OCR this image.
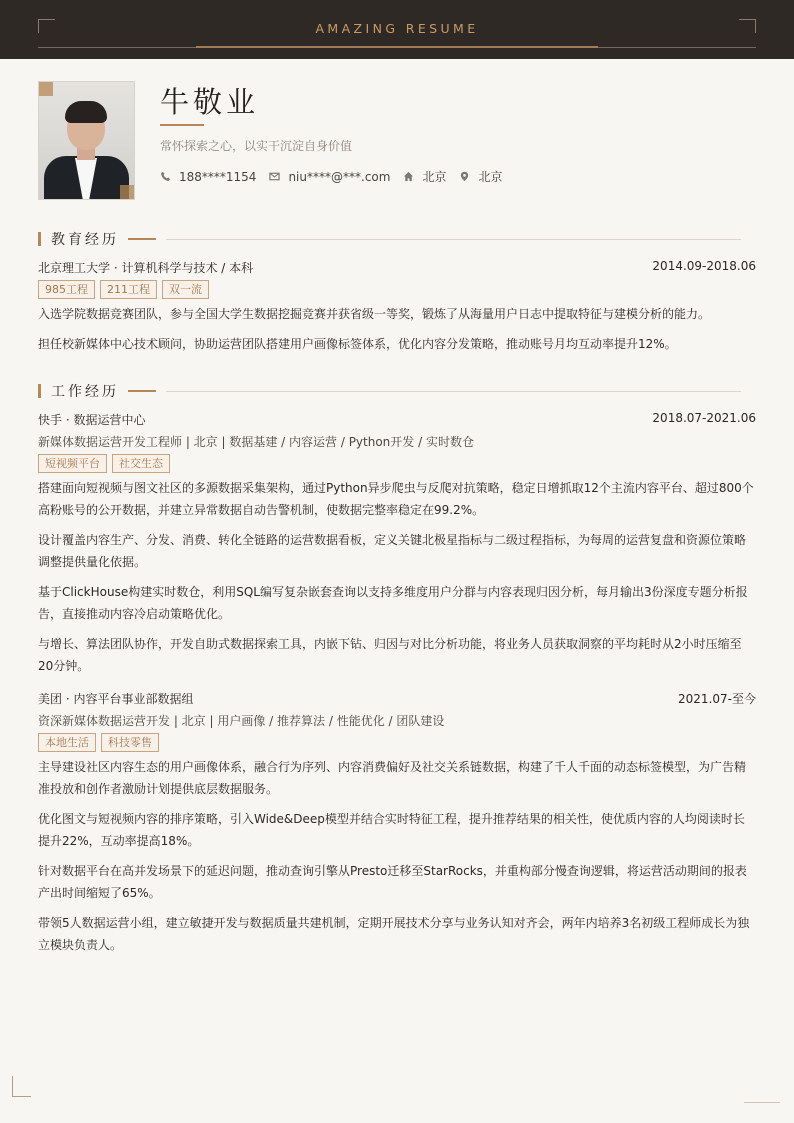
AMAZING RESUME
牛敬业
常怀探索之心，以实干沉淀自身价值
188****1154	niu****@***.com	北京	北京
教育经历
北京理工大学 · 计算机科学与技术 / 本科	2014.09-2018.06
985工程	211工程	双一流
入选学院数据竞赛团队，参与全国大学生数据挖掘竞赛并获省级一等奖，锻炼了从海量用户日志中提取特征与建模分析的能力。
担任校新媒体中心技术顾问，协助运营团队搭建用户画像标签体系，优化内容分发策略，推动账号月均互动率提升12%。
工作经历
快手 · 数据运营中心	2018.07-2021.06
新媒体数据运营开发工程师 | 北京 | 数据基建 / 内容运营 / Python开发 / 实时数仓
短视频平台	社交生态
搭建面向短视频与图文社区的多源数据采集架构，通过Python异步爬虫与反爬对抗策略，稳定日增抓取12个主流内容平台、超过800个高粉账号的公开数据，并建立异常数据自动告警机制，使数据完整率稳定在99.2%。
设计覆盖内容生产、分发、消费、转化全链路的运营数据看板，定义关键北极星指标与二级过程指标，为每周的运营复盘和资源位策略调整提供量化依据。
基于ClickHouse构建实时数仓，利用SQL编写复杂嵌套查询以支持多维度用户分群与内容表现归因分析，每月输出3份深度专题分析报告，直接推动内容冷启动策略优化。
与增长、算法团队协作，开发自助式数据探索工具，内嵌下钻、归因与对比分析功能，将业务人员获取洞察的平均耗时从2小时压缩至20分钟。
美团 · 内容平台事业部数据组	2021.07-至今
资深新媒体数据运营开发 | 北京 | 用户画像 / 推荐算法 / 性能优化 / 团队建设
本地生活	科技零售
主导建设社区内容生态的用户画像体系，融合行为序列、内容消费偏好及社交关系链数据，构建了千人千面的动态标签模型，为广告精准投放和创作者激励计划提供底层数据服务。
优化图文与短视频内容的排序策略，引入Wide&Deep模型并结合实时特征工程，提升推荐结果的相关性，使优质内容的人均阅读时长提升22%，互动率提高18%。
针对数据平台在高并发场景下的延迟问题，推动查询引擎从Presto迁移至StarRocks，并重构部分慢查询逻辑，将运营活动期间的报表产出时间缩短了65%。
带领5人数据运营小组，建立敏捷开发与数据质量共建机制，定期开展技术分享与业务认知对齐会，两年内培养3名初级工程师成长为独立模块负责人。
